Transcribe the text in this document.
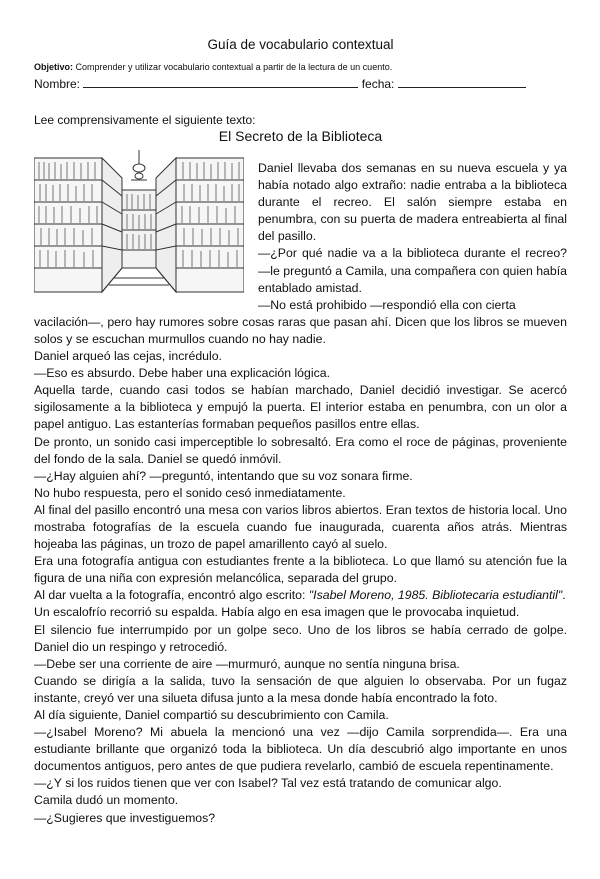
Guía de vocabulario contextual
Objetivo: Comprender y utilizar vocabulario contextual a partir de la lectura de un cuento.
Nombre:	fecha:
Lee comprensivamente el siguiente texto:
El Secreto de la Biblioteca

Daniel llevaba dos semanas en su nueva escuela y ya había notado algo extraño: nadie entraba a la biblioteca durante el recreo. El salón siempre estaba en penumbra, con su puerta de madera entreabierta al final del pasillo.

—¿Por qué nadie va a la biblioteca durante el recreo? —le preguntó a Camila, una compañera con quien había entablado amistad.

—No está prohibido —respondió ella con cierta

vacilación—, pero hay rumores sobre cosas raras que pasan ahí. Dicen que los libros se mueven solos y se escuchan murmullos cuando no hay nadie.

Daniel arqueó las cejas, incrédulo.

—Eso es absurdo. Debe haber una explicación lógica.

Aquella tarde, cuando casi todos se habían marchado, Daniel decidió investigar. Se acercó sigilosamente a la biblioteca y empujó la puerta. El interior estaba en penumbra, con un olor a papel antiguo. Las estanterías formaban pequeños pasillos entre ellas.

De pronto, un sonido casi imperceptible lo sobresaltó. Era como el roce de páginas, proveniente del fondo de la sala. Daniel se quedó inmóvil.

—¿Hay alguien ahí? —preguntó, intentando que su voz sonara firme.

No hubo respuesta, pero el sonido cesó inmediatamente.

Al final del pasillo encontró una mesa con varios libros abiertos. Eran textos de historia local. Uno mostraba fotografías de la escuela cuando fue inaugurada, cuarenta años atrás. Mientras hojeaba las páginas, un trozo de papel amarillento cayó al suelo.

Era una fotografía antigua con estudiantes frente a la biblioteca. Lo que llamó su atención fue la figura de una niña con expresión melancólica, separada del grupo.

Al dar vuelta a la fotografía, encontró algo escrito: "Isabel Moreno, 1985. Bibliotecaria estudiantil".

Un escalofrío recorrió su espalda. Había algo en esa imagen que le provocaba inquietud.

El silencio fue interrumpido por un golpe seco. Uno de los libros se había cerrado de golpe. Daniel dio un respingo y retrocedió.

—Debe ser una corriente de aire —murmuró, aunque no sentía ninguna brisa.

Cuando se dirigía a la salida, tuvo la sensación de que alguien lo observaba. Por un fugaz instante, creyó ver una silueta difusa junto a la mesa donde había encontrado la foto.

Al día siguiente, Daniel compartió su descubrimiento con Camila.

—¿Isabel Moreno? Mi abuela la mencionó una vez —dijo Camila sorprendida—. Era una estudiante brillante que organizó toda la biblioteca. Un día descubrió algo importante en unos documentos antiguos, pero antes de que pudiera revelarlo, cambió de escuela repentinamente.

—¿Y si los ruidos tienen que ver con Isabel? Tal vez está tratando de comunicar algo.

Camila dudó un momento.

—¿Sugieres que investiguemos?
